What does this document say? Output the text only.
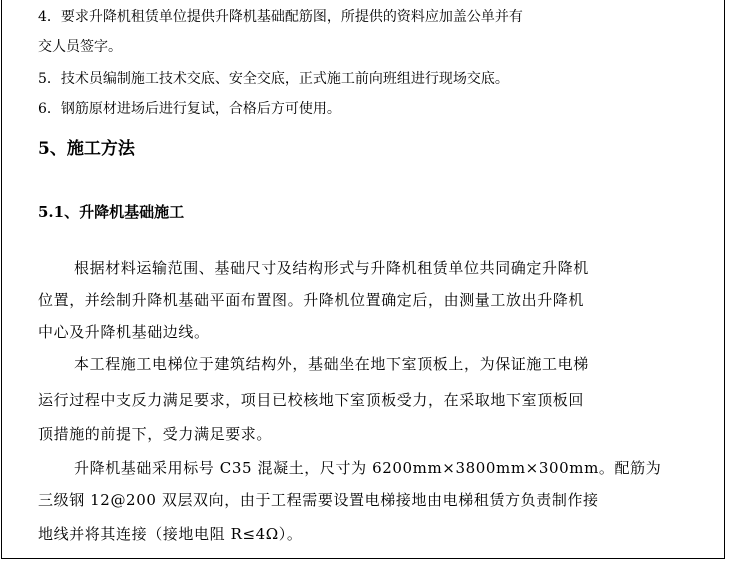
4．要求升降机租赁单位提供升降机基础配筋图，所提供的资料应加盖公单并有
交人员签字。
5．技术员编制施工技术交底、安全交底，正式施工前向班组进行现场交底。
6．钢筋原材进场后进行复试，合格后方可使用。
5、施工方法
5.1、升降机基础施工
根据材料运输范围、基础尺寸及结构形式与升降机租赁单位共同确定升降机
位置，并绘制升降机基础平面布置图。升降机位置确定后，由测量工放出升降机
中心及升降机基础边线。
本工程施工电梯位于建筑结构外，基础坐在地下室顶板上，为保证施工电梯
运行过程中支反力满足要求，项目已校核地下室顶板受力，在采取地下室顶板回
顶措施的前提下，受力满足要求。
升降机基础采用标号 C35 混凝土，尺寸为 6200mm×3800mm×300mm。配筋为
三级钢 12@200 双层双向，由于工程需要设置电梯接地由电梯租赁方负责制作接
地线并将其连接（接地电阻 R≤4Ω）。
